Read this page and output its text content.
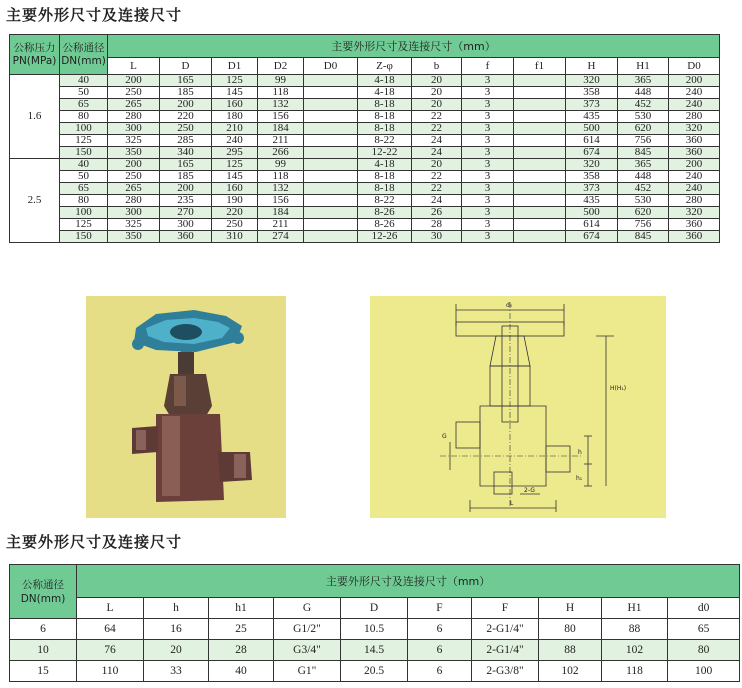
主要外形尺寸及连接尺寸
公称压力 PN(MPa)	公称通径 DN(mm)	主要外形尺寸及连接尺寸（mm）											
		L	D	D1	D2	D0	Z-φ	b	f	f1	H	H1	D0
1.6	40	200	165	125	99		4-18	20	3		320	365	200
	50	250	185	145	118		4-18	20	3		358	448	240
	65	265	200	160	132		8-18	20	3		373	452	240
	80	280	220	180	156		8-18	22	3		435	530	280
	100	300	250	210	184		8-18	22	3		500	620	320
	125	325	285	240	211		8-22	24	3		614	756	360
	150	350	340	295	266		12-22	24	3		674	845	360
2.5	40	200	165	125	99		4-18	20	3		320	365	200
	50	250	185	145	118		8-18	22	3		358	448	240
	65	265	200	160	132		8-18	22	3		373	452	240
	80	280	235	190	156		8-22	24	3		435	530	280
	100	300	270	220	184		8-26	26	3		500	620	320
	125	325	300	250	211		8-26	28	3		614	756	360
	150	350	360	310	274		12-26	30	3		674	845	360
d₀
G
h
h₁
H(H₁)
2-G
L
主要外形尺寸及连接尺寸
公称通径 DN(mm)	主要外形尺寸及连接尺寸（mm）									
	L	h	h1	G	D	F	F	H	H1	d0
6	64	16	25	G1/2"	10.5	6	2-G1/4"	80	88	65
10	76	20	28	G3/4"	14.5	6	2-G1/4"	88	102	80
15	110	33	40	G1"	20.5	6	2-G3/8"	102	118	100
